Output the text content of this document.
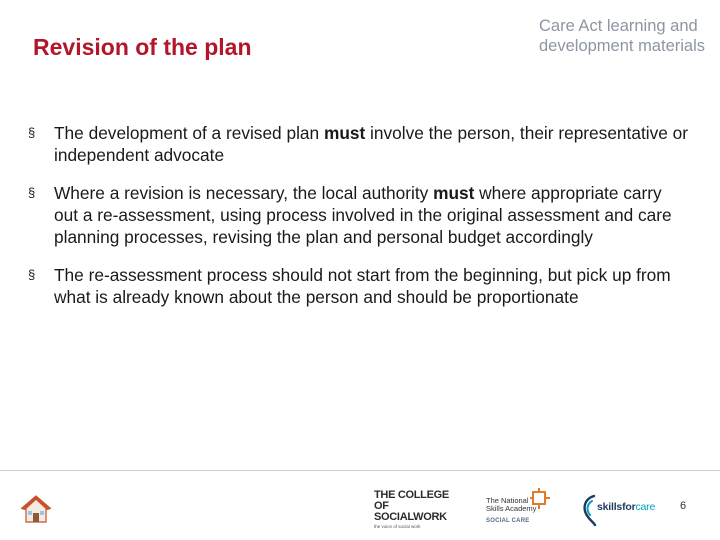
Revision of the plan
Care Act learning and
development materials
§ The development of a revised plan must involve the person, their representative or independent advocate
§ Where a revision is necessary, the local authority must where appropriate carry out a re-assessment, using process involved in the original assessment and care planning processes, revising the plan and personal budget accordingly
§ The re-assessment process should not start from the beginning, but pick up from what is already known about the person and should be proportionate
THE COLLEGE OF
SOCIALWORK
the voice of social work
The National
Skills Academy
SOCIAL CARE
skillsforcare 6
